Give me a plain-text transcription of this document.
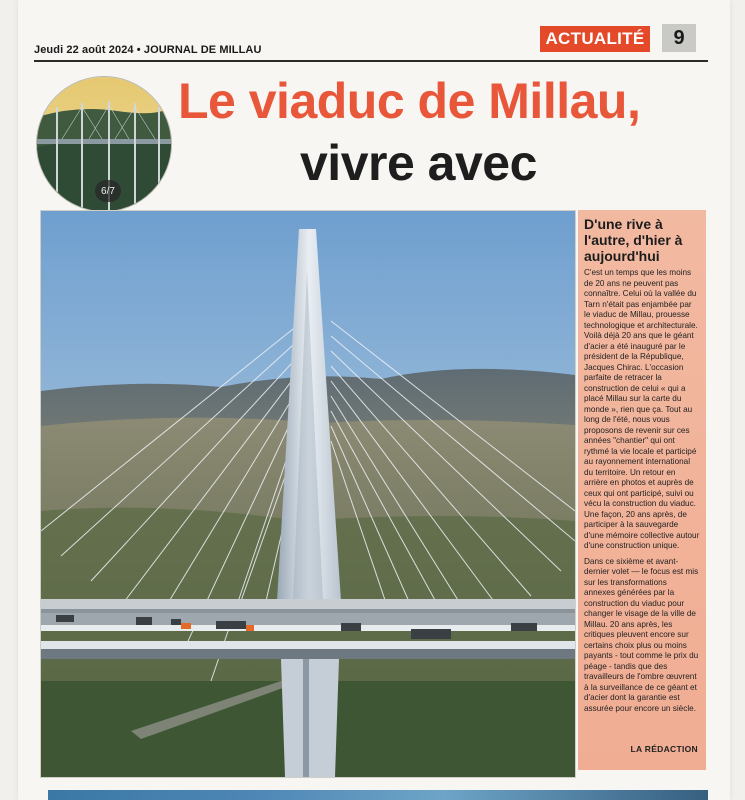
Jeudi 22 août 2024 • JOURNAL DE MILLAU
ACTUALITÉ	9
6/7
Le viaduc de Millau,
vivre avec
D'une rive à l'autre, d'hier à aujourd'hui

C'est un temps que les moins de 20 ans ne peuvent pas connaître. Celui où la vallée du Tarn n'était pas enjambée par le viaduc de Millau, prouesse technologique et architecturale. Voilà déjà 20 ans que le géant d'acier a été inauguré par le président de la République, Jacques Chirac. L'occasion parfaite de retracer la construction de celui « qui a placé Millau sur la carte du monde », rien que ça. Tout au long de l'été, nous vous proposons de revenir sur ces années "chantier" qui ont rythmé la vie locale et participé au rayonnement international du territoire. Un retour en arrière en photos et auprès de ceux qui ont participé, suivi ou vécu la construction du viaduc. Une façon, 20 ans après, de participer à la sauvegarde d'une mémoire collective autour d'une construction unique.

Dans ce sixième et avant-dernier volet — le focus est mis sur les transformations annexes générées par la construction du viaduc pour changer le visage de la ville de Millau. 20 ans après, les critiques pleuvent encore sur certains choix plus ou moins payants - tout comme le prix du péage - tandis que des travailleurs de l'ombre œuvrent à la surveillance de ce géant et d'acier dont la garantie est assurée pour encore un siècle.

LA RÉDACTION
